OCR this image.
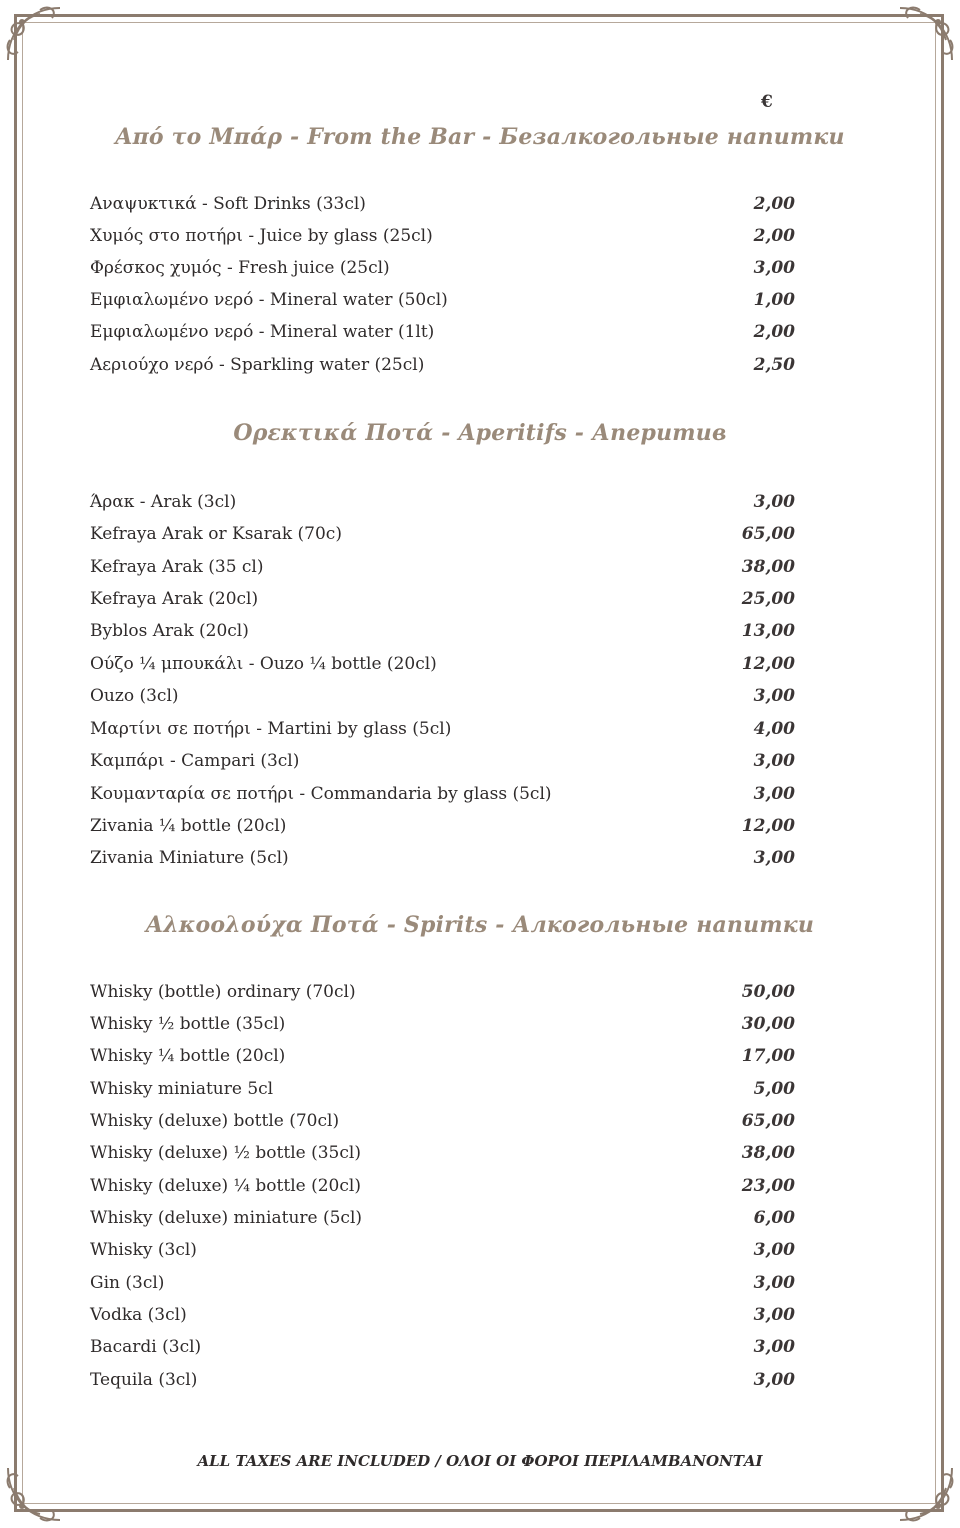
€
Από το Μπάρ - From the Bar - Безалкогольные напитки
Αναψυκτικά - Soft Drinks (33cl)	2,00
Χυμός στο ποτήρι - Juice by glass (25cl)	2,00
Φρέσκος χυμός - Fresh juice (25cl)	3,00
Εμφιαλωμένο νερό - Mineral water (50cl)	1,00
Εμφιαλωμένο νερό - Mineral water (1lt)	2,00
Αεριούχο νερό - Sparkling water (25cl)	2,50
Ορεκτικά Ποτά - Aperitifs - Аперитив
Άρακ - Arak (3cl)	3,00
Kefraya Arak or Ksarak (70c)	65,00
Kefraya Arak (35 cl)	38,00
Kefraya Arak (20cl)	25,00
Byblos Arak (20cl)	13,00
Ούζο ¼ μπουκάλι - Ouzo ¼ bottle (20cl)	12,00
Ouzo (3cl)	3,00
Μαρτίνι σε ποτήρι - Martini by glass (5cl)	4,00
Καμπάρι - Campari (3cl)	3,00
Κουμανταρία σε ποτήρι - Commandaria by glass (5cl)	3,00
Zivania ¼ bottle (20cl)	12,00
Zivania Miniature (5cl)	3,00
Αλκοολούχα Ποτά - Spirits - Алкогольные напитки
Whisky (bottle) ordinary (70cl)	50,00
Whisky ½ bottle (35cl)	30,00
Whisky ¼ bottle (20cl)	17,00
Whisky miniature 5cl	5,00
Whisky (deluxe) bottle (70cl)	65,00
Whisky (deluxe) ½ bottle (35cl)	38,00
Whisky (deluxe) ¼ bottle (20cl)	23,00
Whisky (deluxe) miniature (5cl)	6,00
Whisky (3cl)	3,00
Gin (3cl)	3,00
Vodka (3cl)	3,00
Bacardi (3cl)	3,00
Tequila (3cl)	3,00
ALL TAXES ARE INCLUDED / ΟΛΟΙ ΟΙ ΦΟΡΟΙ ΠΕΡΙΛΑΜΒΑΝΟΝΤΑΙ
